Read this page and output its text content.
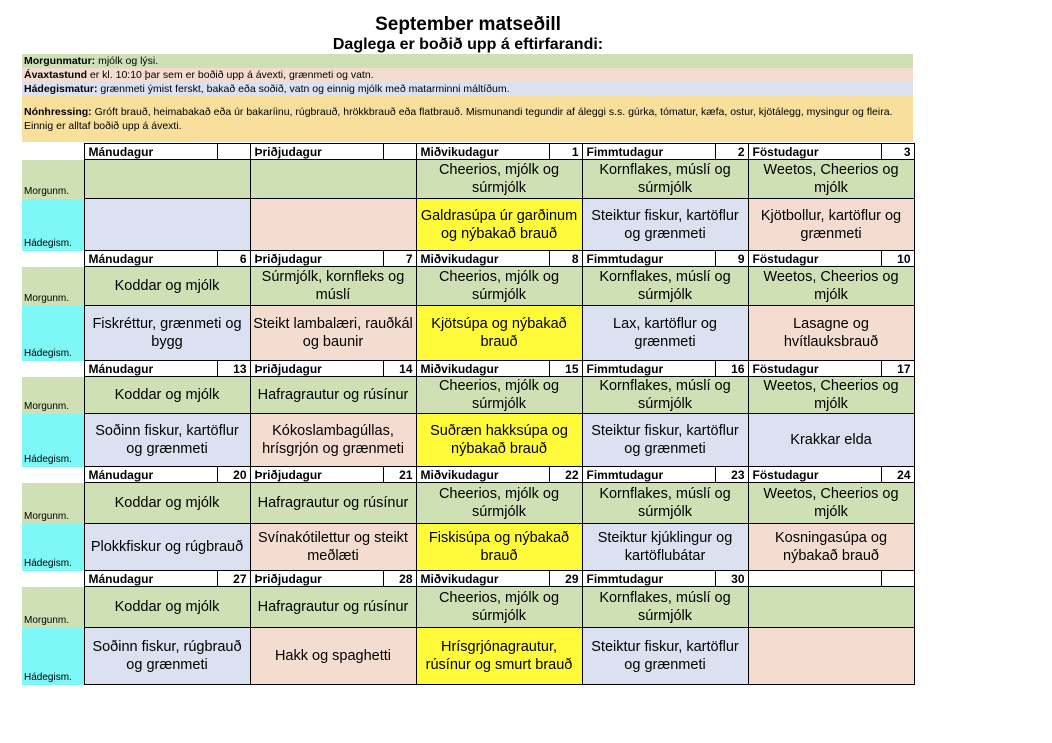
September matseðill
Daglega er boðið upp á eftirfarandi:
Morgunmatur: mjólk og lýsi.
Ávaxtastund er kl. 10:10 þar sem er boðið upp á ávexti, grænmeti og vatn.
Hádegismatur: grænmeti ýmist ferskt, bakað eða soðið, vatn og einnig mjólk með matarminni máltíðum.
Nónhressing: Gróft brauð, heimabakað eða úr bakaríinu, rúgbrauð, hrökkbrauð eða flatbrauð. Mismunandi tegundir af áleggi s.s. gúrka, tómatur, kæfa, ostur, kjötálegg, mysingur og fleira. Einnig er alltaf boðið upp á ávexti.
	Mánudagur		Þriðjudagur		Miðvikudagur	1	Fimmtudagur	2	Föstudagur	3
Morgunm.					Cheerios, mjólk og súrmjólk		Kornflakes, múslí og súrmjólk		Weetos, Cheerios og mjólk	
Hádegism.					Galdrasúpa úr garðinum og nýbakað brauð		Steiktur fiskur, kartöflur og grænmeti		Kjötbollur, kartöflur og grænmeti	
	Mánudagur	6	Þriðjudagur	7	Miðvikudagur	8	Fimmtudagur	9	Föstudagur	10
Morgunm.	Koddar og mjólk		Súrmjólk, kornfleks og múslí		Cheerios, mjólk og súrmjólk		Kornflakes, múslí og súrmjólk		Weetos, Cheerios og mjólk	
Hádegism.	Fiskréttur, grænmeti og bygg		Steikt lambalæri, rauðkál og baunir		Kjötsúpa og nýbakað brauð		Lax, kartöflur og grænmeti		Lasagne og hvítlauksbrauð	
	Mánudagur	13	Þriðjudagur	14	Miðvikudagur	15	Fimmtudagur	16	Föstudagur	17
Morgunm.	Koddar og mjólk		Hafragrautur og rúsínur		Cheerios, mjólk og súrmjólk		Kornflakes, múslí og súrmjólk		Weetos, Cheerios og mjólk	
Hádegism.	Soðinn fiskur, kartöflur og grænmeti		Kókoslambagúllas, hrísgrjón og grænmeti		Suðræn hakksúpa og nýbakað brauð		Steiktur fiskur, kartöflur og grænmeti		Krakkar elda	
	Mánudagur	20	Þriðjudagur	21	Miðvikudagur	22	Fimmtudagur	23	Föstudagur	24
Morgunm.	Koddar og mjólk		Hafragrautur og rúsínur		Cheerios, mjólk og súrmjólk		Kornflakes, múslí og súrmjólk		Weetos, Cheerios og mjólk	
Hádegism.	Plokkfiskur og rúgbrauð		Svínakótilettur og steikt meðlæti		Fiskisúpa og nýbakað brauð		Steiktur kjúklingur og kartöflubátar		Kosningasúpa og nýbakað brauð	
	Mánudagur	27	Þriðjudagur	28	Miðvikudagur	29	Fimmtudagur	30		
Morgunm.	Koddar og mjólk		Hafragrautur og rúsínur		Cheerios, mjólk og súrmjólk		Kornflakes, múslí og súrmjólk			
Hádegism.	Soðinn fiskur, rúgbrauð og grænmeti		Hakk og spaghetti		Hrísgrjónagrautur, rúsínur og smurt brauð		Steiktur fiskur, kartöflur og grænmeti			
